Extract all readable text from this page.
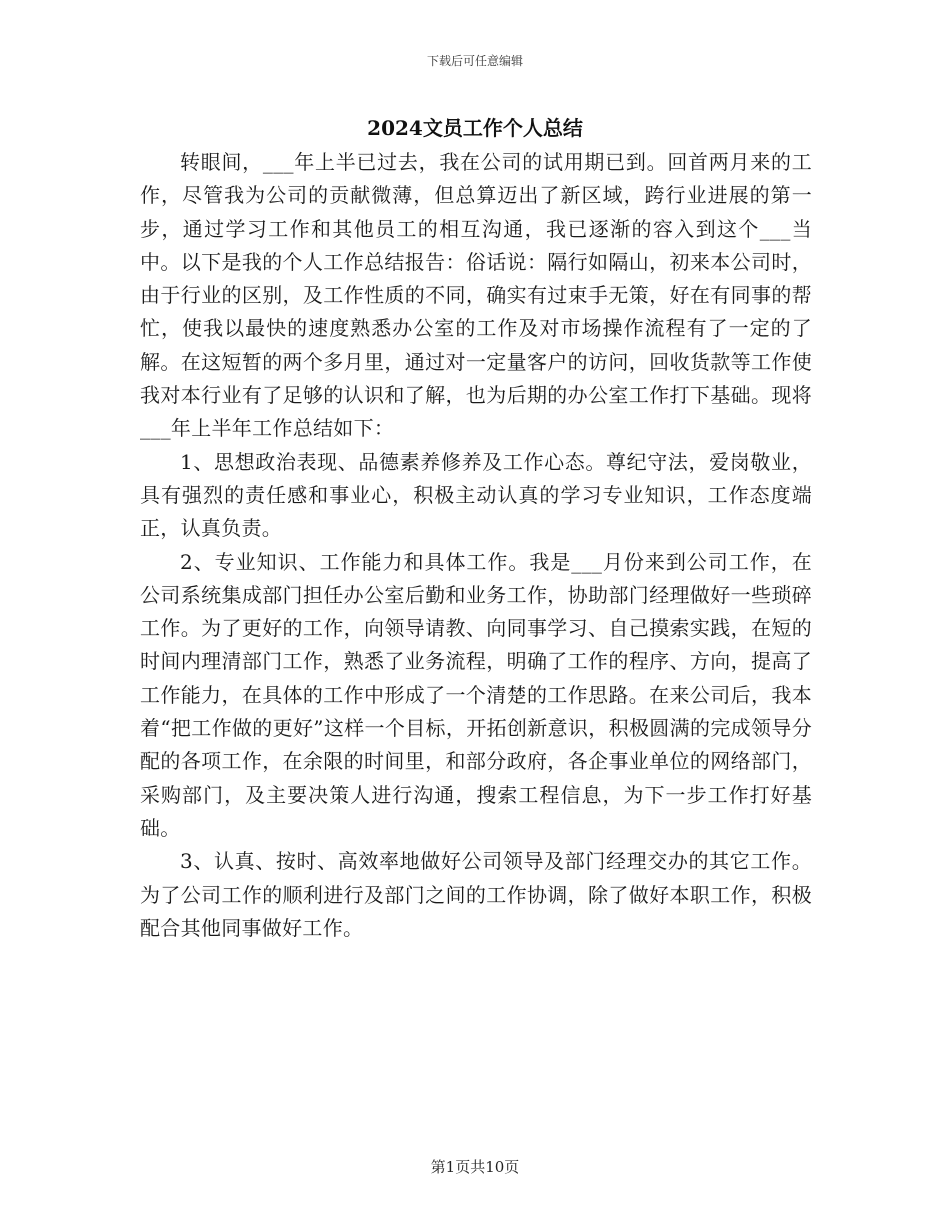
下载后可任意编辑
2024文员工作个人总结

转眼间，___年上半已过去，我在公司的试用期已到。回首两月来的工作，尽管我为公司的贡献微薄，但总算迈出了新区域，跨行业进展的第一步，通过学习工作和其他员工的相互沟通，我已逐渐的容入到这个___当中。以下是我的个人工作总结报告：俗话说：隔行如隔山，初来本公司时，由于行业的区别，及工作性质的不同，确实有过束手无策，好在有同事的帮忙，使我以最快的速度熟悉办公室的工作及对市场操作流程有了一定的了解。在这短暂的两个多月里，通过对一定量客户的访问，回收货款等工作使我对本行业有了足够的认识和了解，也为后期的办公室工作打下基础。现将___年上半年工作总结如下：

1、思想政治表现、品德素养修养及工作心态。尊纪守法，爱岗敬业，具有强烈的责任感和事业心，积极主动认真的学习专业知识，工作态度端正，认真负责。

2、专业知识、工作能力和具体工作。我是___月份来到公司工作，在公司系统集成部门担任办公室后勤和业务工作，协助部门经理做好一些琐碎工作。为了更好的工作，向领导请教、向同事学习、自己摸索实践，在短的时间内理清部门工作，熟悉了业务流程，明确了工作的程序、方向，提高了工作能力，在具体的工作中形成了一个清楚的工作思路。在来公司后，我本着“把工作做的更好”这样一个目标，开拓创新意识，积极圆满的完成领导分配的各项工作，在余限的时间里，和部分政府，各企事业单位的网络部门，采购部门，及主要决策人进行沟通，搜索工程信息，为下一步工作打好基础。

3、认真、按时、高效率地做好公司领导及部门经理交办的其它工作。为了公司工作的顺利进行及部门之间的工作协调，除了做好本职工作，积极配合其他同事做好工作。

第1页共10页
